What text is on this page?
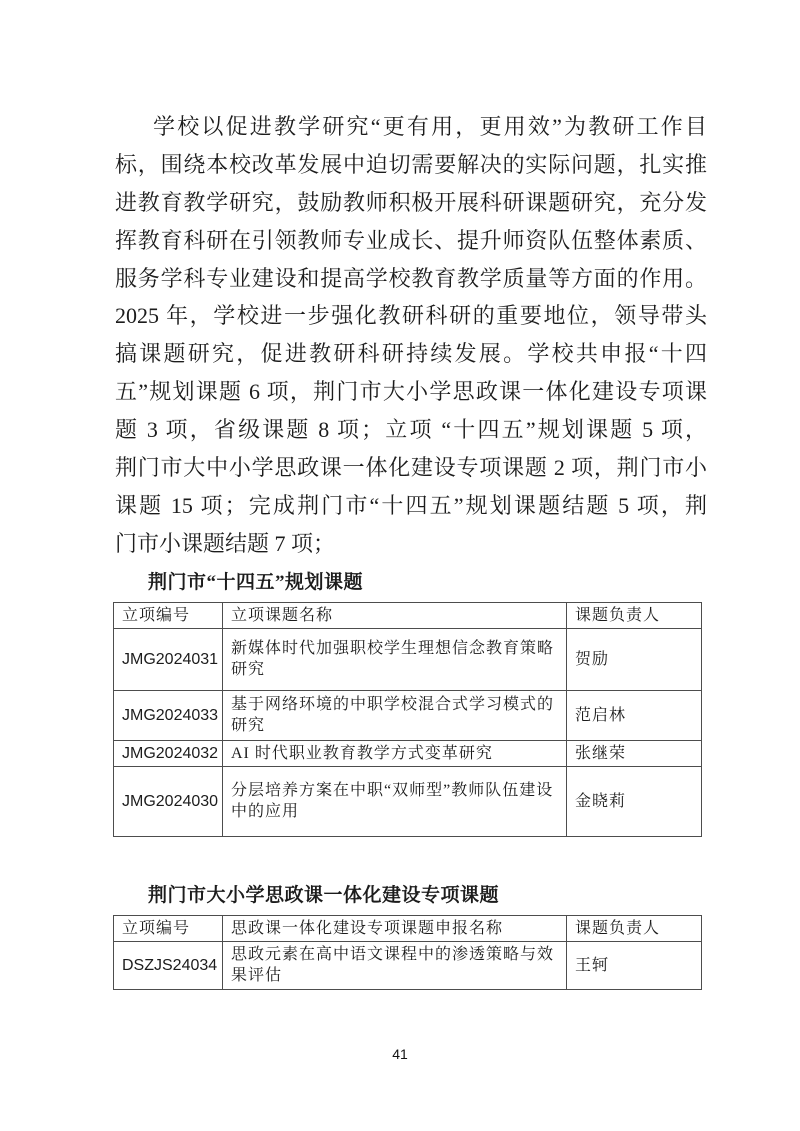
学校以促进教学研究“更有用，更用效”为教研工作目
标，围绕本校改革发展中迫切需要解决的实际问题，扎实推
进教育教学研究，鼓励教师积极开展科研课题研究，充分发
挥教育科研在引领教师专业成长、提升师资队伍整体素质、
服务学科专业建设和提高学校教育教学质量等方面的作用。
2025 年，学校进一步强化教研科研的重要地位，领导带头
搞课题研究，促进教研科研持续发展。学校共申报“十四
五”规划课题 6 项，荆门市大小学思政课一体化建设专项课
题 3 项，省级课题 8 项；立项 “十四五”规划课题 5 项，
荆门市大中小学思政课一体化建设专项课题 2 项，荆门市小
课题 15 项；完成荆门市“十四五”规划课题结题 5 项，荆
门市小课题结题 7 项；
荆门市“十四五”规划课题
立项编号	立项课题名称	课题负责人
JMG2024031	新媒体时代加强职校学生理想信念教育策略研究	贺励
JMG2024033	基于网络环境的中职学校混合式学习模式的研究	范启林
JMG2024032	AI 时代职业教育教学方式变革研究	张继荣
JMG2024030	分层培养方案在中职“双师型”教师队伍建设中的应用	金晓莉
荆门市大小学思政课一体化建设专项课题
立项编号	思政课一体化建设专项课题申报名称	课题负责人
DSZJS24034	思政元素在高中语文课程中的渗透策略与效果评估	王轲
41
